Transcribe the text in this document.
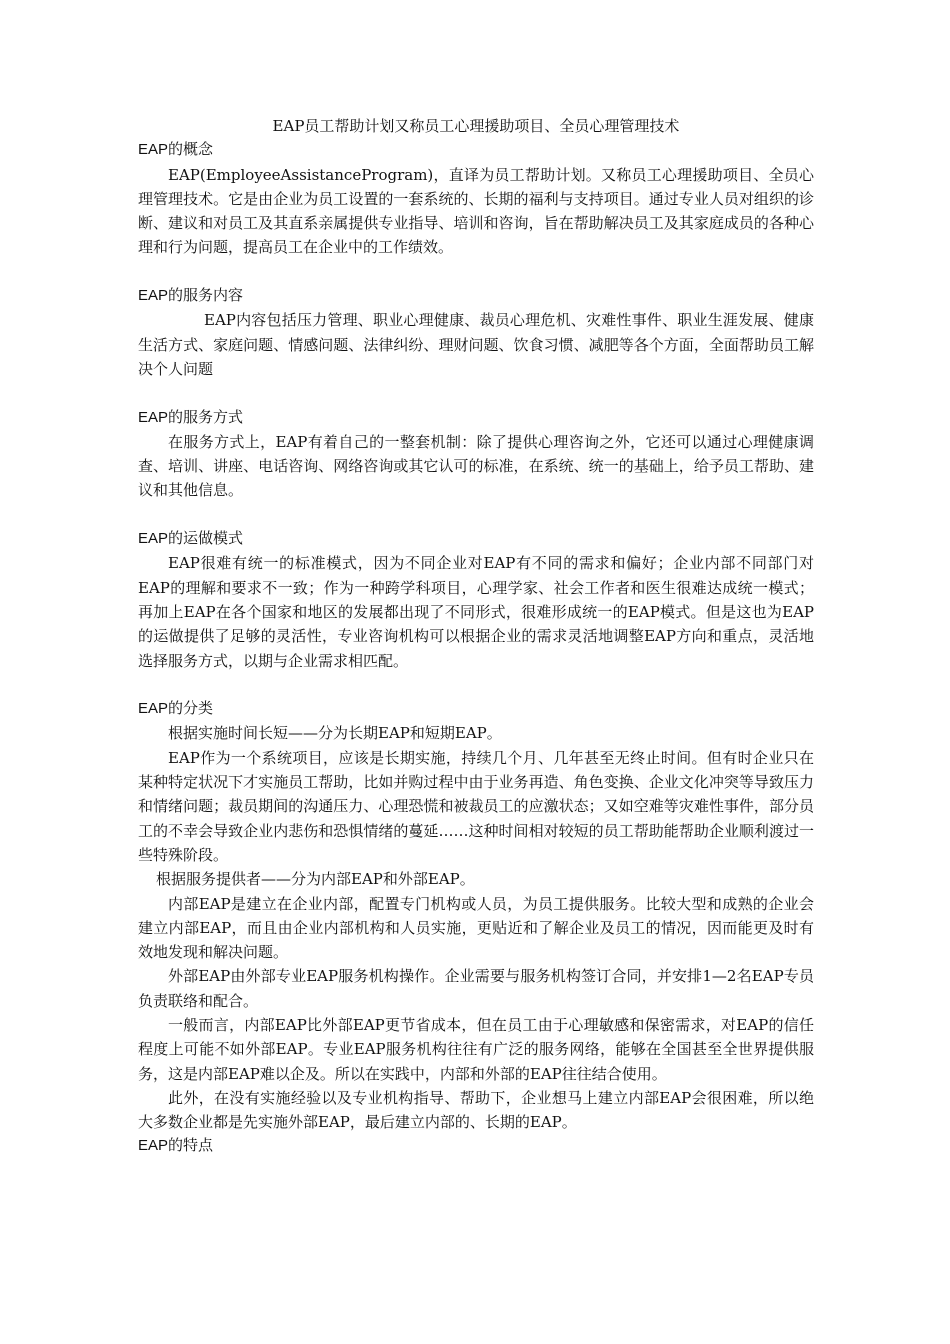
EAP员工帮助计划又称员工心理援助项目、全员心理管理技术

EAP的概念

EAP(EmployeeAssistanceProgram)，直译为员工帮助计划。又称员工心理援助项目、全员心理管理技术。它是由企业为员工设置的一套系统的、长期的福利与支持项目。通过专业人员对组织的诊断、建议和对员工及其直系亲属提供专业指导、培训和咨询，旨在帮助解决员工及其家庭成员的各种心理和行为问题，提高员工在企业中的工作绩效。

EAP的服务内容

EAP内容包括压力管理、职业心理健康、裁员心理危机、灾难性事件、职业生涯发展、健康生活方式、家庭问题、情感问题、法律纠纷、理财问题、饮食习惯、减肥等各个方面，全面帮助员工解决个人问题

EAP的服务方式

在服务方式上，EAP有着自己的一整套机制：除了提供心理咨询之外，它还可以通过心理健康调查、培训、讲座、电话咨询、网络咨询或其它认可的标准，在系统、统一的基础上，给予员工帮助、建议和其他信息。

EAP的运做模式

EAP很难有统一的标准模式，因为不同企业对EAP有不同的需求和偏好；企业内部不同部门对EAP的理解和要求不一致；作为一种跨学科项目，心理学家、社会工作者和医生很难达成统一模式；再加上EAP在各个国家和地区的发展都出现了不同形式，很难形成统一的EAP模式。但是这也为EAP的运做提供了足够的灵活性，专业咨询机构可以根据企业的需求灵活地调整EAP方向和重点，灵活地选择服务方式，以期与企业需求相匹配。

EAP的分类

根据实施时间长短——分为长期EAP和短期EAP。

EAP作为一个系统项目，应该是长期实施，持续几个月、几年甚至无终止时间。但有时企业只在某种特定状况下才实施员工帮助，比如并购过程中由于业务再造、角色变换、企业文化冲突等导致压力和情绪问题；裁员期间的沟通压力、心理恐慌和被裁员工的应激状态；又如空难等灾难性事件，部分员工的不幸会导致企业内悲伤和恐惧情绪的蔓延……这种时间相对较短的员工帮助能帮助企业顺利渡过一些特殊阶段。

根据服务提供者——分为内部EAP和外部EAP。

内部EAP是建立在企业内部，配置专门机构或人员，为员工提供服务。比较大型和成熟的企业会建立内部EAP，而且由企业内部机构和人员实施，更贴近和了解企业及员工的情况，因而能更及时有效地发现和解决问题。

外部EAP由外部专业EAP服务机构操作。企业需要与服务机构签订合同，并安排1—2名EAP专员负责联络和配合。

一般而言，内部EAP比外部EAP更节省成本，但在员工由于心理敏感和保密需求，对EAP的信任程度上可能不如外部EAP。专业EAP服务机构往往有广泛的服务网络，能够在全国甚至全世界提供服务，这是内部EAP难以企及。所以在实践中，内部和外部的EAP往往结合使用。

此外，在没有实施经验以及专业机构指导、帮助下，企业想马上建立内部EAP会很困难，所以绝大多数企业都是先实施外部EAP，最后建立内部的、长期的EAP。

EAP的特点
